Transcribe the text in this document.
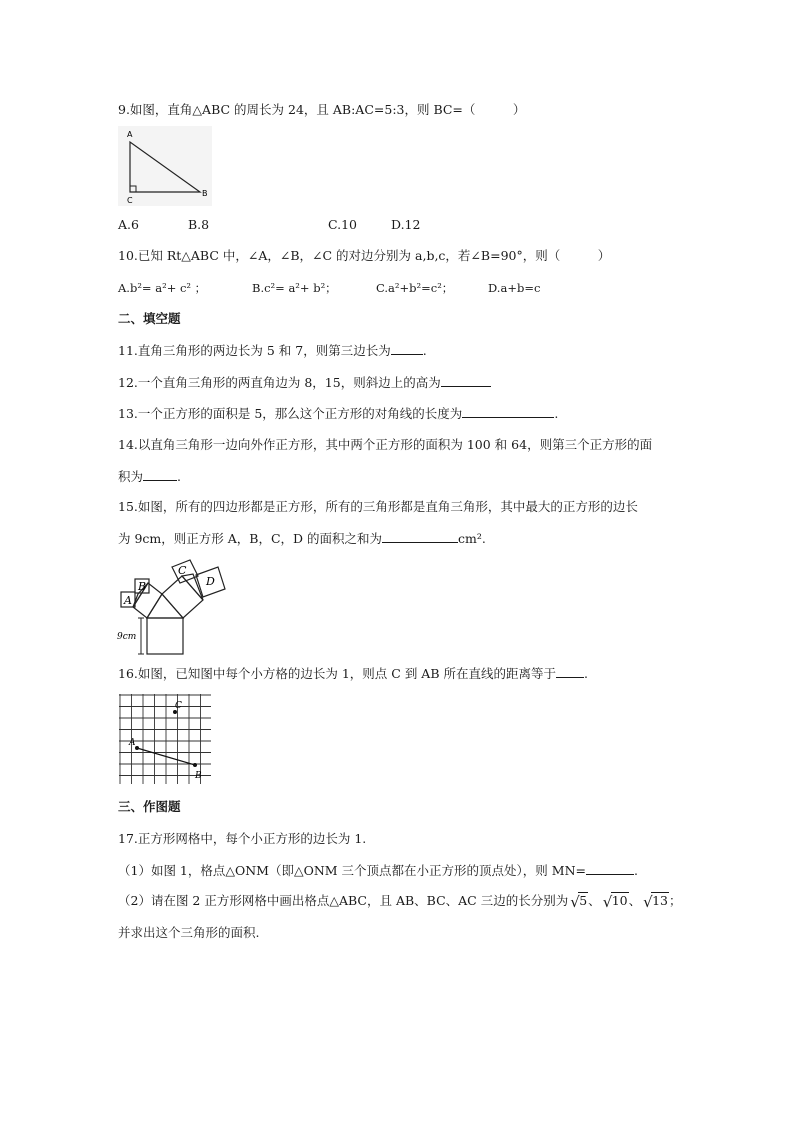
9.如图，直角△ABC 的周长为 24，且 AB:AC=5:3，则 BC=（　　　）
A
B
C
A.6	B.8	C.10	D.12
10.已知 Rt△ABC 中，∠A，∠B，∠C 的对边分别为 a,b,c，若∠B=90°，则（　　　）
A.b²= a²+ c² ；	B.c²= a²+ b²；	C.a²+b²=c²；	D.a+b=c
二、填空题
11.直角三角形的两边长为 5 和 7，则第三边长为	.
12.一个直角三角形的两直角边为 8，15，则斜边上的高为
13.一个正方形的面积是 5，那么这个正方形的对角线的长度为	.
14.以直角三角形一边向外作正方形，其中两个正方形的面积为 100 和 64，则第三个正方形的面
积为	.
15.如图，所有的四边形都是正方形，所有的三角形都是直角三角形，其中最大的正方形的边长
为 9cm，则正方形 A，B，C，D 的面积之和为	cm².
A
B
C
D
9cm
16.如图，已知图中每个小方格的边长为 1，则点 C 到 AB 所在直线的距离等于 .
A
B
C
三、作图题
17.正方形网格中，每个小正方形的边长为 1.
（1）如图 1，格点△ONM（即△ONM 三个顶点都在小正方形的顶点处），则 MN=	.
（2）请在图 2 正方形网格中画出格点△ABC，且 AB、BC、AC 三边的长分别为 √ 5、 √ 10、 √ 13；
并求出这个三角形的面积.
